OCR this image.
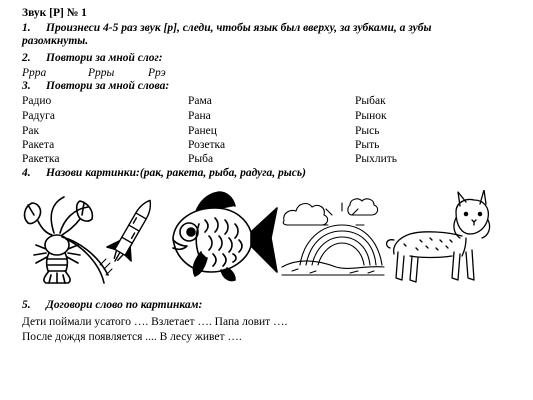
Звук [Р] № 1
1. Произнеси 4-5 раз звук [р], следи, чтобы язык был вверху, за зубками, а зубы
разомкнуты.
2. Повтори за мной слог:
Ррра	Ррры	Ррэ
3. Повтори за мной слова:
Радио
Радуга
Рак
Ракета
Ракетка
Рама
Рана
Ранец
Розетка
Рыба
Рыбак
Рынок
Рысь
Рыть
Рыхлить
4. Назови картинки:(рак, ракета, рыба, радуга, рысь)
5. Договори слово по картинкам:
Дети поймали усатого …. Взлетает …. Папа ловит ….
После дождя появляется .... В лесу живет ….
